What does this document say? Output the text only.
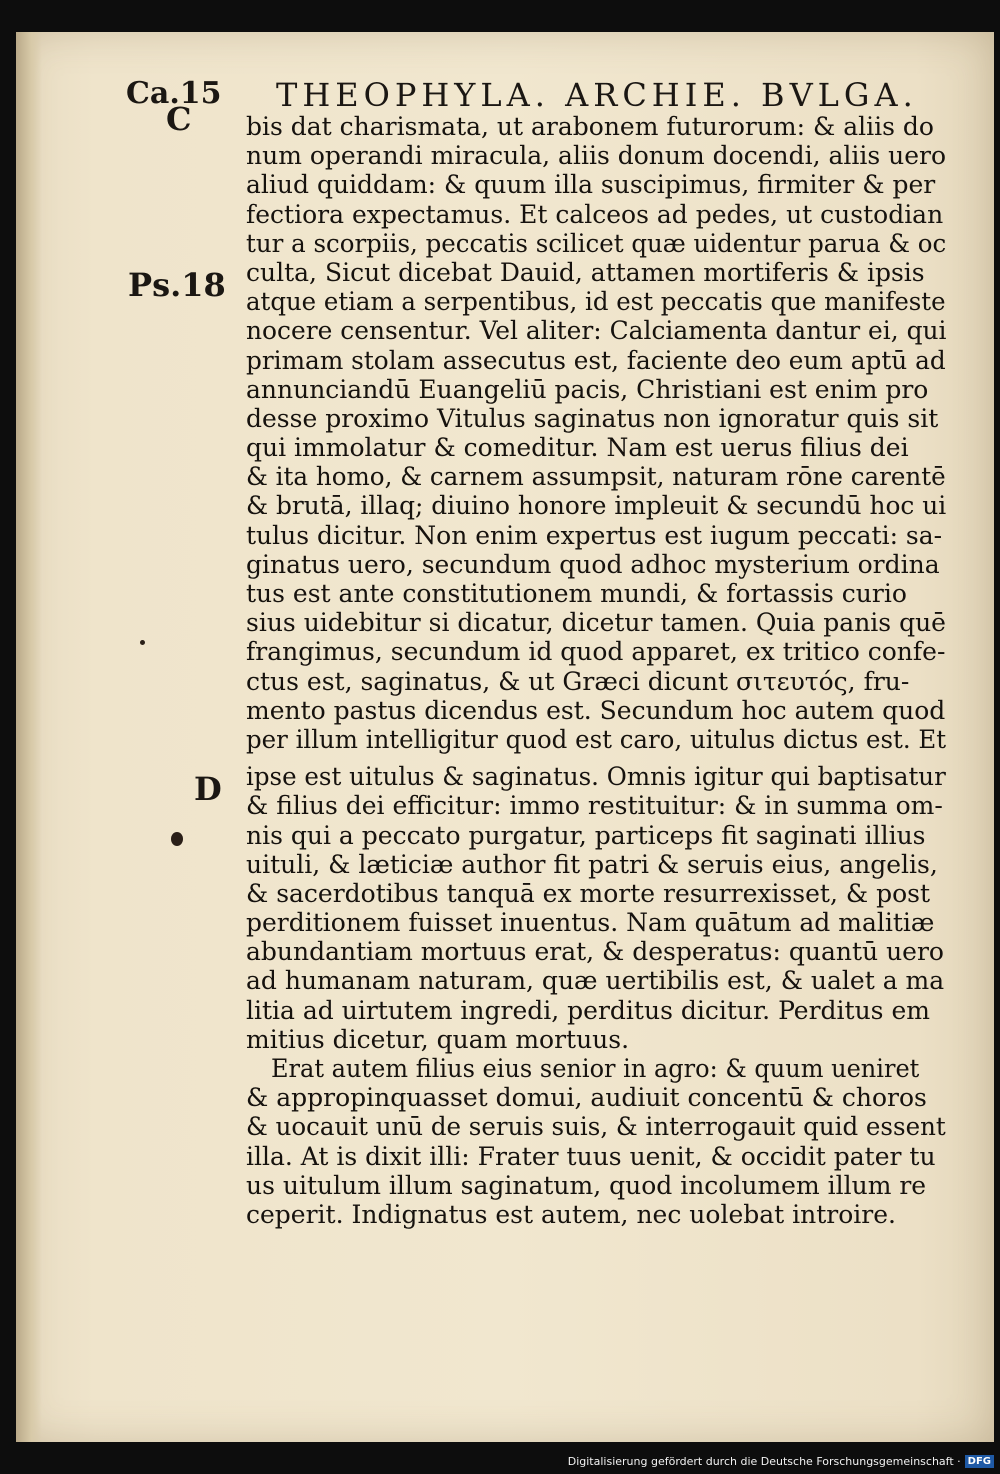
Ca.15 THEOPHYLA. ARCHIE. BVLGA.
C
Ps.18
D
bis dat charismata, ut arabonem futurorum: & aliis do
num operandi miracula, aliis donum docendi, aliis uero
aliud quiddam: & quum illa suscipimus, firmiter & per
fectiora expectamus. Et calceos ad pedes, ut custodian
tur a scorpiis, peccatis scilicet quæ uidentur parua & oc
culta, Sicut dicebat Dauid, attamen mortiferis & ipsis
atque etiam a serpentibus, id est peccatis que manifeste
nocere censentur. Vel aliter: Calciamenta dantur ei, qui
primam stolam assecutus est, faciente deo eum aptū ad
annunciandū Euangeliū pacis, Christiani est enim pro
desse proximo Vitulus saginatus non ignoratur quis sit
qui immolatur & comeditur. Nam est uerus filius dei
& ita homo, & carnem assumpsit, naturam rōne carentē
& brutā, illaq; diuino honore impleuit & secundū hoc ui
tulus dicitur. Non enim expertus est iugum peccati: sa-
ginatus uero, secundum quod adhoc mysterium ordina
tus est ante constitutionem mundi, & fortassis curio
sius uidebitur si dicatur, dicetur tamen. Quia panis quē
frangimus, secundum id quod apparet, ex tritico confe-
ctus est, saginatus, & ut Græci dicunt σιτευτός, fru-
mento pastus dicendus est. Secundum hoc autem quod
per illum intelligitur quod est caro, uitulus dictus est. Et
ipse est uitulus & saginatus. Omnis igitur qui baptisatur
& filius dei efficitur: immo restituitur: & in summa om-
nis qui a peccato purgatur, particeps fit saginati illius
uituli, & læticiæ author fit patri & seruis eius, angelis,
& sacerdotibus tanquā ex morte resurrexisset, & post
perditionem fuisset inuentus. Nam quātum ad malitiæ
abundantiam mortuus erat, & desperatus: quantū uero
ad humanam naturam, quæ uertibilis est, & ualet a ma
litia ad uirtutem ingredi, perditus dicitur. Perditus em
mitius dicetur, quam mortuus.
Erat autem filius eius senior in agro: & quum ueniret
& appropinquasset domui, audiuit concentū & choros
& uocauit unū de seruis suis, & interrogauit quid essent
illa. At is dixit illi: Frater tuus uenit, & occidit pater tu
us uitulum illum saginatum, quod incolumem illum re
ceperit. Indignatus est autem, nec uolebat introire.
Digitalisierung gefördert durch die Deutsche Forschungsgemeinschaft · DFG
